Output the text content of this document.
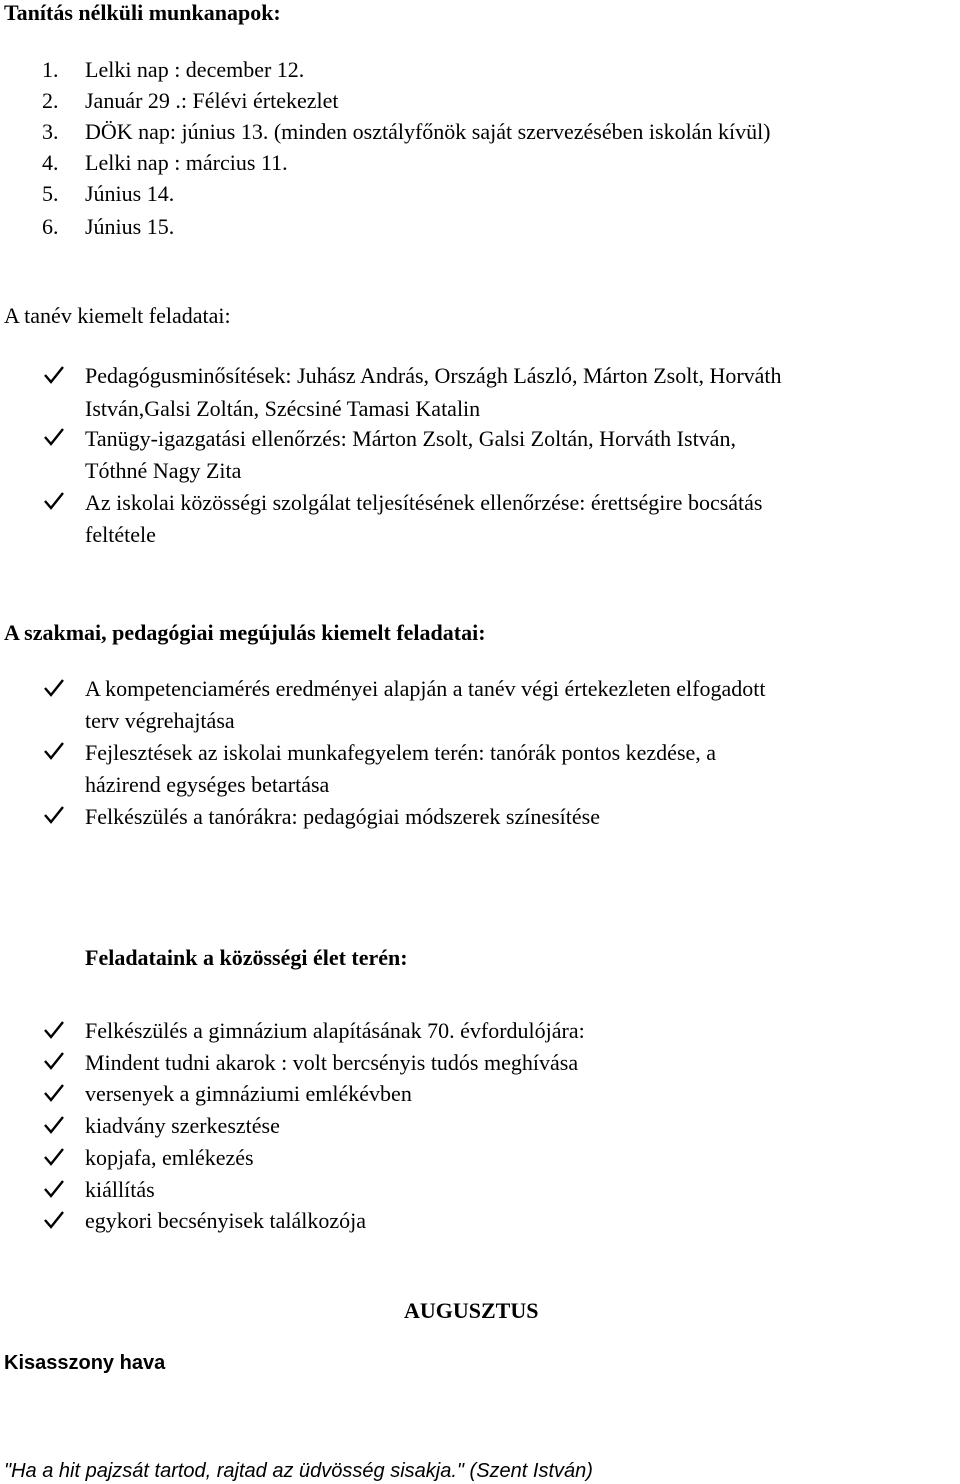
Tanítás nélküli munkanapok:
1. Lelki nap : december 12.
2. Január 29 .: Félévi értekezlet
3. DÖK nap: június 13. (minden osztályfőnök saját szervezésében iskolán kívül)
4. Lelki nap : március 11.
5. Június 14.
6. Június 15.
A tanév kiemelt feladatai:
Pedagógusminősítések: Juhász András, Országh László, Márton Zsolt, Horváth
István,Galsi Zoltán, Szécsiné Tamasi Katalin
Tanügy-igazgatási ellenőrzés: Márton Zsolt, Galsi Zoltán, Horváth István,
Tóthné Nagy Zita
Az iskolai közösségi szolgálat teljesítésének ellenőrzése: érettségire bocsátás
feltétele
A szakmai, pedagógiai megújulás kiemelt feladatai:
A kompetenciamérés eredményei alapján a tanév végi értekezleten elfogadott
terv végrehajtása
Fejlesztések az iskolai munkafegyelem terén: tanórák pontos kezdése, a
házirend egységes betartása
Felkészülés a tanórákra: pedagógiai módszerek színesítése
Feladataink a közösségi élet terén:
Felkészülés a gimnázium alapításának 70. évfordulójára:
Mindent tudni akarok : volt bercsényis tudós meghívása
versenyek a gimnáziumi emlékévben
kiadvány szerkesztése
kopjafa, emlékezés
kiállítás
egykori becsényisek találkozója
AUGUSZTUS
Kisasszony hava
"Ha a hit pajzsát tartod, rajtad az üdvösség sisakja." (Szent István)
